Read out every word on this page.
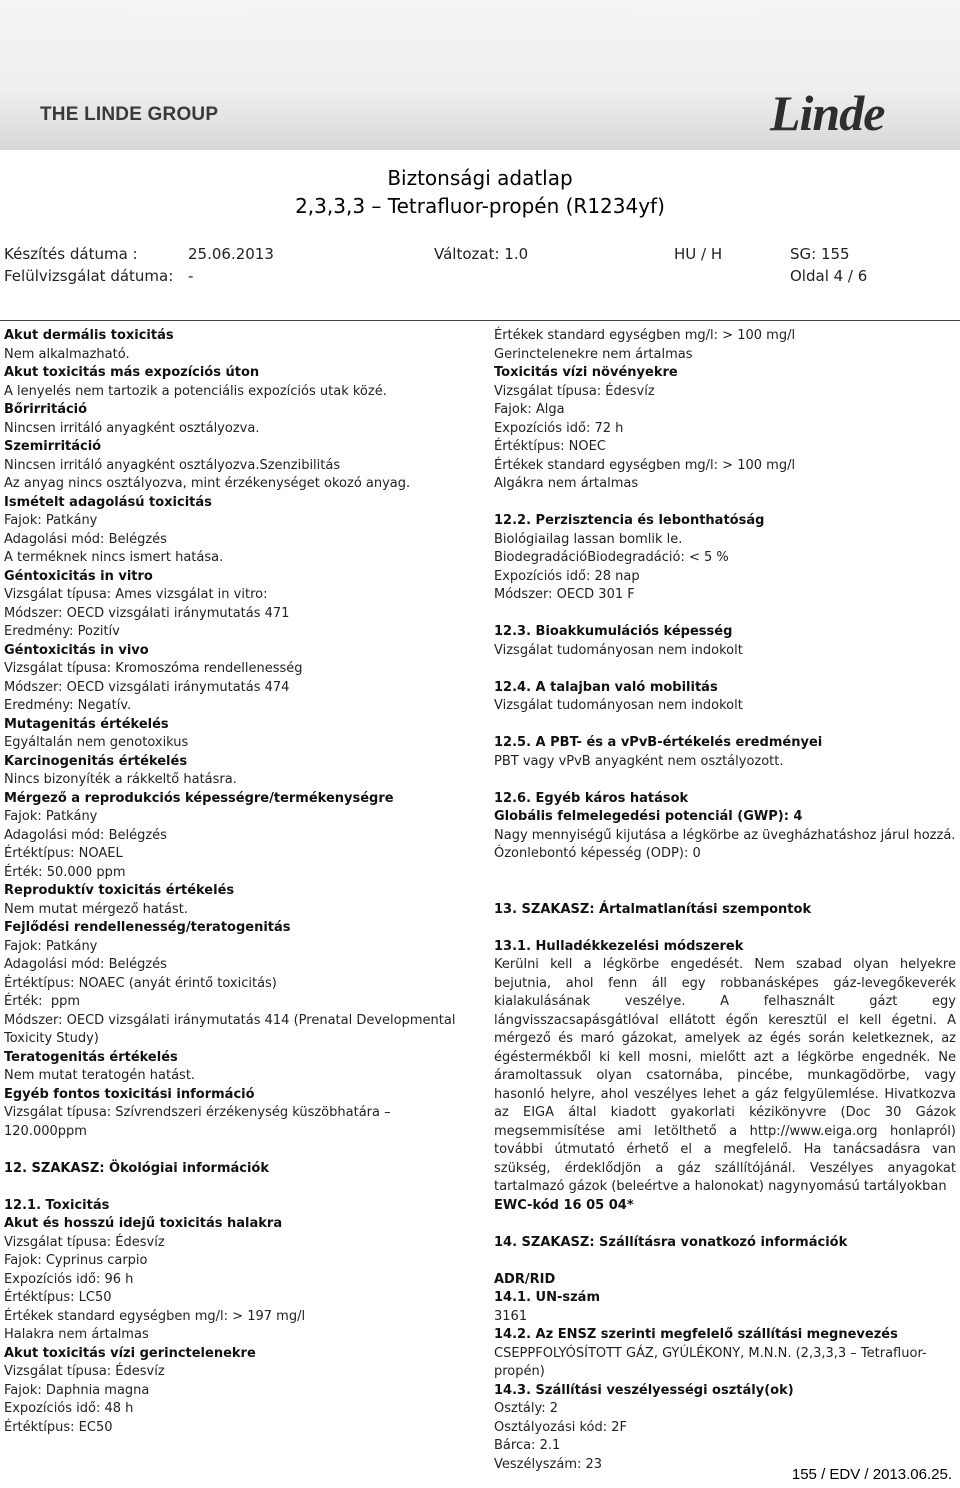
THE LINDE GROUP	Linde
Biztonsági adatlap
2,3,3,3 – Tetrafluor-propén (R1234yf)
Készítés dátuma :	25.06.2013	Változat: 1.0	HU / H	SG: 155
Felülvizsgálat dátuma: -	Oldal 4 / 6
Akut dermális toxicitás
Nem alkalmazható.
Akut toxicitás más expozíciós úton
A lenyelés nem tartozik a potenciális expozíciós utak közé.
Bőrirritáció
Nincsen irritáló anyagként osztályozva.
Szemirritáció
Nincsen irritáló anyagként osztályozva.Szenzibilitás
Az anyag nincs osztályozva, mint érzékenységet okozó anyag.
Ismételt adagolású toxicitás
Fajok: Patkány
Adagolási mód: Belégzés
A terméknek nincs ismert hatása.
Géntoxicitás in vitro
Vizsgálat típusa: Ames vizsgálat in vitro:
Módszer: OECD vizsgálati iránymutatás 471
Eredmény: Pozitív
Géntoxicitás in vivo
Vizsgálat típusa: Kromoszóma rendellenesség
Módszer: OECD vizsgálati iránymutatás 474
Eredmény: Negatív.
Mutagenitás értékelés
Egyáltalán nem genotoxikus
Karcinogenitás értékelés
Nincs bizonyíték a rákkeltő hatásra.
Mérgező a reprodukciós képességre/termékenységre
Fajok: Patkány
Adagolási mód: Belégzés
Értéktípus: NOAEL
Érték: 50.000 ppm
Reproduktív toxicitás értékelés
Nem mutat mérgező hatást.
Fejlődési rendellenesség/teratogenitás
Fajok: Patkány
Adagolási mód: Belégzés
Értéktípus: NOAEC (anyát érintő toxicitás)
Érték:  ppm
Módszer: OECD vizsgálati iránymutatás 414 (Prenatal Developmental
Toxicity Study)
Teratogenitás értékelés
Nem mutat teratogén hatást.
Egyéb fontos toxicitási információ
Vizsgálat típusa: Szívrendszeri érzékenység küszöbhatára – 120.000ppm
12. SZAKASZ: Ökológiai információk
12.1. Toxicitás
Akut és hosszú idejű toxicitás halakra
Vizsgálat típusa: Édesvíz
Fajok: Cyprinus carpio
Expozíciós idő: 96 h
Értéktípus: LC50
Értékek standard egységben mg/l: > 197 mg/l
Halakra nem ártalmas
Akut toxicitás vízi gerinctelenekre
Vizsgálat típusa: Édesvíz
Fajok: Daphnia magna
Expozíciós idő: 48 h
Értéktípus: EC50
Értékek standard egységben mg/l: > 100 mg/l
Gerinctelenekre nem ártalmas
Toxicitás vízi növényekre
Vizsgálat típusa: Édesvíz
Fajok: Alga
Expozíciós idő: 72 h
Értéktípus: NOEC
Értékek standard egységben mg/l: > 100 mg/l
Algákra nem ártalmas
12.2. Perzisztencia és lebonthatóság
Biológiailag lassan bomlik le.
BiodegradációBiodegradáció: < 5 %
Expozíciós idő: 28 nap
Módszer: OECD 301 F
12.3. Bioakkumulációs képesség
Vizsgálat tudományosan nem indokolt
12.4. A talajban való mobilitás
Vizsgálat tudományosan nem indokolt
12.5. A PBT- és a vPvB-értékelés eredményei
PBT vagy vPvB anyagként nem osztályozott.
12.6. Egyéb káros hatások
Globális felmelegedési potenciál (GWP): 4
Nagy mennyiségű kijutása a légkörbe az üvegházhatáshoz járul hozzá.
Ózonlebontó képesség (ODP): 0
13. SZAKASZ: Ártalmatlanítási szempontok
13.1. Hulladékkezelési módszerek
Kerülni kell a légkörbe engedését. Nem szabad olyan helyekre bejutnia, ahol fenn áll egy robbanásképes gáz-levegőkeverék kialakulásának veszélye. A felhasznált gázt egy lángvisszacsapásgátlóval ellátott égőn keresztül el kell égetni. A mérgező és maró gázokat, amelyek az égés során keletkeznek, az égéstermékből ki kell mosni, mielőtt azt a légkörbe engednék. Ne áramoltassuk olyan csatornába, pincébe, munkagödörbe, vagy hasonló helyre, ahol veszélyes lehet a gáz felgyülemlése. Hivatkozva az EIGA által kiadott gyakorlati kézikönyvre (Doc 30 Gázok megsemmisítése ami letölthető a http://www.eiga.org honlapról) további útmutató érhető el a megfelelő. Ha tanácsadásra van szükség, érdeklődjön a gáz szállítójánál. Veszélyes anyagokat tartalmazó gázok (beleértve a halonokat) nagynyomású tartályokban
EWC-kód 16 05 04*
14. SZAKASZ: Szállításra vonatkozó információk
ADR/RID
14.1. UN-szám
3161
14.2. Az ENSZ szerinti megfelelő szállítási megnevezés
CSEPPFOLYÓSÍTOTT GÁZ, GYÚLÉKONY, M.N.N. (2,3,3,3 – Tetrafluor-propén)
14.3. Szállítási veszélyességi osztály(ok)
Osztály: 2
Osztályozási kód: 2F
Bárca: 2.1
Veszélyszám: 23
155 / EDV / 2013.06.25.
